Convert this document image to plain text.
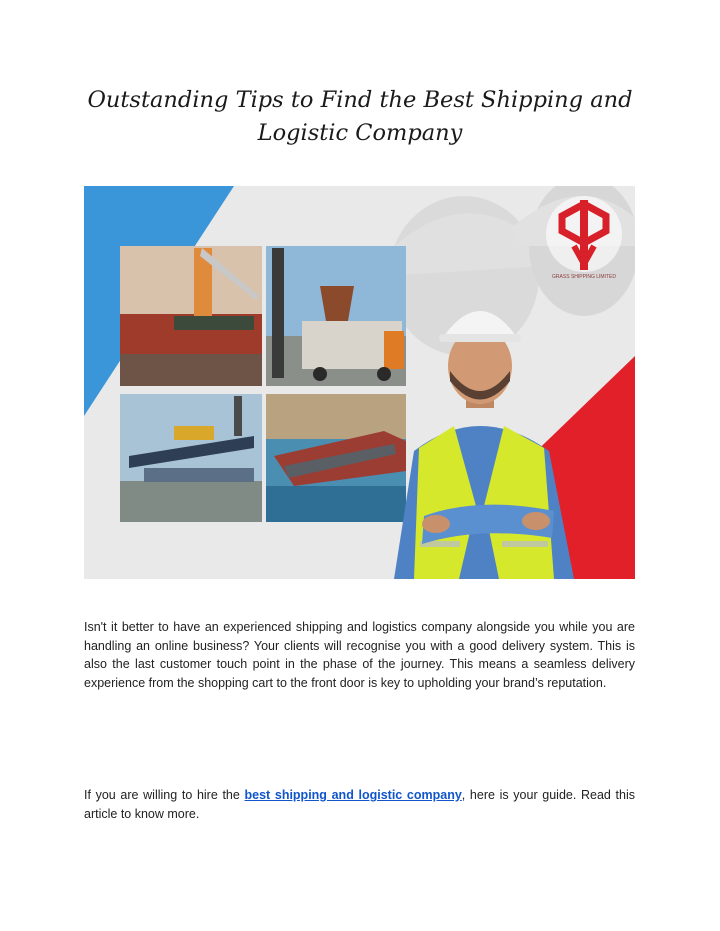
Outstanding Tips to Find the Best Shipping and Logistic Company
GRASS SHIPPING LIMITED

Isn't it better to have an experienced shipping and logistics company alongside you while you are handling an online business? Your clients will recognise you with a good delivery system. This is also the last customer touch point in the phase of the journey. This means a seamless delivery experience from the shopping cart to the front door is key to upholding your brand’s reputation.

If you are willing to hire the best shipping and logistic company, here is your guide. Read this article to know more.
